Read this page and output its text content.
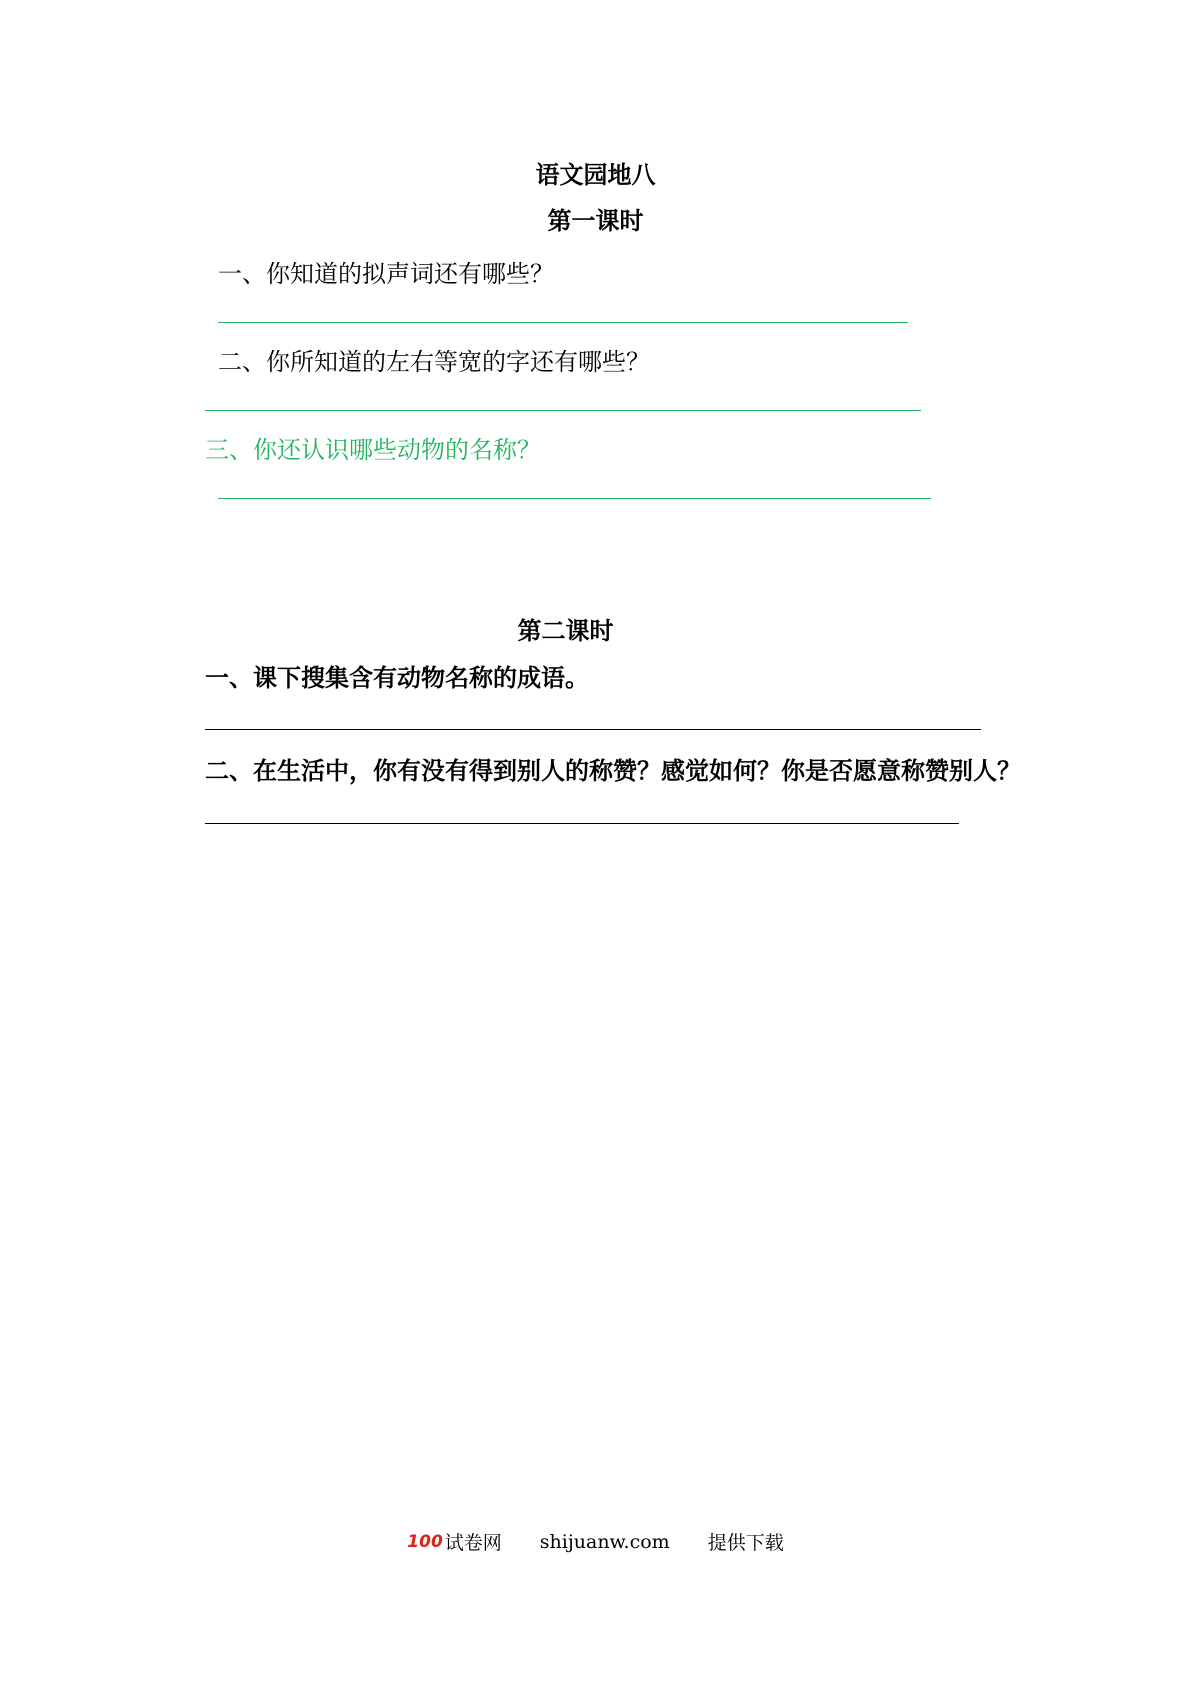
语文园地八
第一课时
一、你知道的拟声词还有哪些？
二、你所知道的左右等宽的字还有哪些？
三、你还认识哪些动物的名称？
第二课时
一、课下搜集含有动物名称的成语。
二、在生活中，你有没有得到别人的称赞？感觉如何？你是否愿意称赞别人？
100 试卷网 shijuanw.com 提供下载
